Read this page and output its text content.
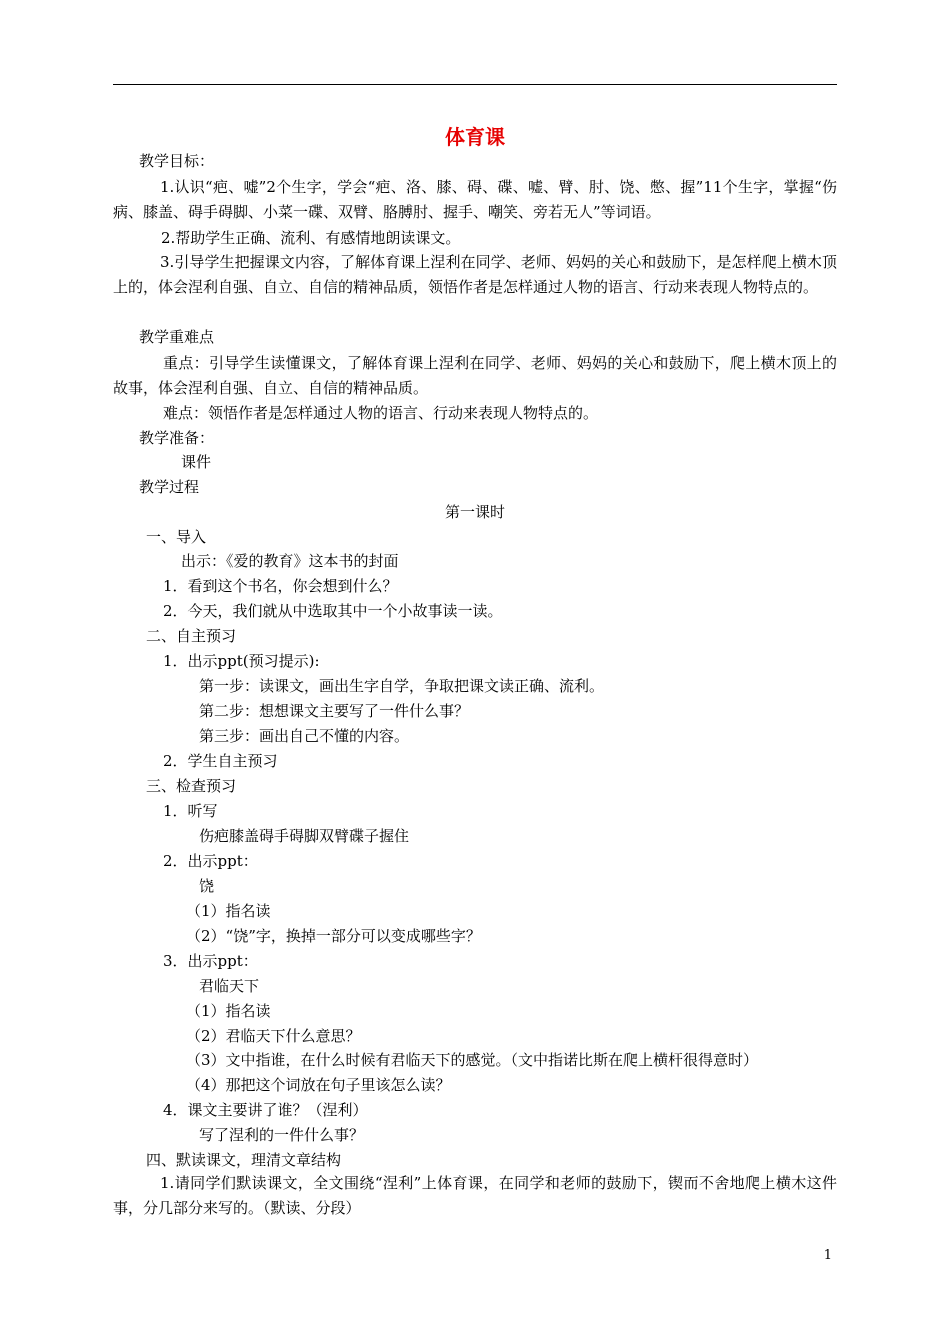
体育课
教学目标：
1.认识“疤、嘘”2个生字，学会“疤、洛、膝、碍、碟、嘘、臂、肘、饶、憋、握”11个生字，掌握“伤病、膝盖、碍手碍脚、小菜一碟、双臂、胳膊肘、握手、嘲笑、旁若无人”等词语。
2.帮助学生正确、流利、有感情地朗读课文。
3.引导学生把握课文内容，了解体育课上涅利在同学、老师、妈妈的关心和鼓励下，是怎样爬上横木顶上的，体会涅利自强、自立、自信的精神品质，领悟作者是怎样通过人物的语言、行动来表现人物特点的。
教学重难点
重点：引导学生读懂课文，了解体育课上涅利在同学、老师、妈妈的关心和鼓励下，爬上横木顶上的故事，体会涅利自强、自立、自信的精神品质。
难点：领悟作者是怎样通过人物的语言、行动来表现人物特点的。
教学准备：
课件
教学过程
第一课时
一、导入
出示：《爱的教育》这本书的封面
1．看到这个书名，你会想到什么？
2．今天，我们就从中选取其中一个小故事读一读。
二、自主预习
1．出示ppt(预习提示):
第一步：读课文，画出生字自学，争取把课文读正确、流利。
第二步：想想课文主要写了一件什么事？
第三步：画出自己不懂的内容。
2．学生自主预习
三、检查预习
1．听写
伤疤膝盖碍手碍脚双臂碟子握住
2．出示ppt：
饶
（1）指名读
（2）“饶”字，换掉一部分可以变成哪些字？
3．出示ppt：
君临天下
（1）指名读
（2）君临天下什么意思？
（3）文中指谁，在什么时候有君临天下的感觉。（文中指诺比斯在爬上横杆很得意时）
（4）那把这个词放在句子里该怎么读？
4．课文主要讲了谁？（涅利）
写了涅利的一件什么事？
四、默读课文，理清文章结构
1.请同学们默读课文，全文围绕“涅利”上体育课，在同学和老师的鼓励下，锲而不舍地爬上横木这件事，分几部分来写的。（默读、分段）
1
